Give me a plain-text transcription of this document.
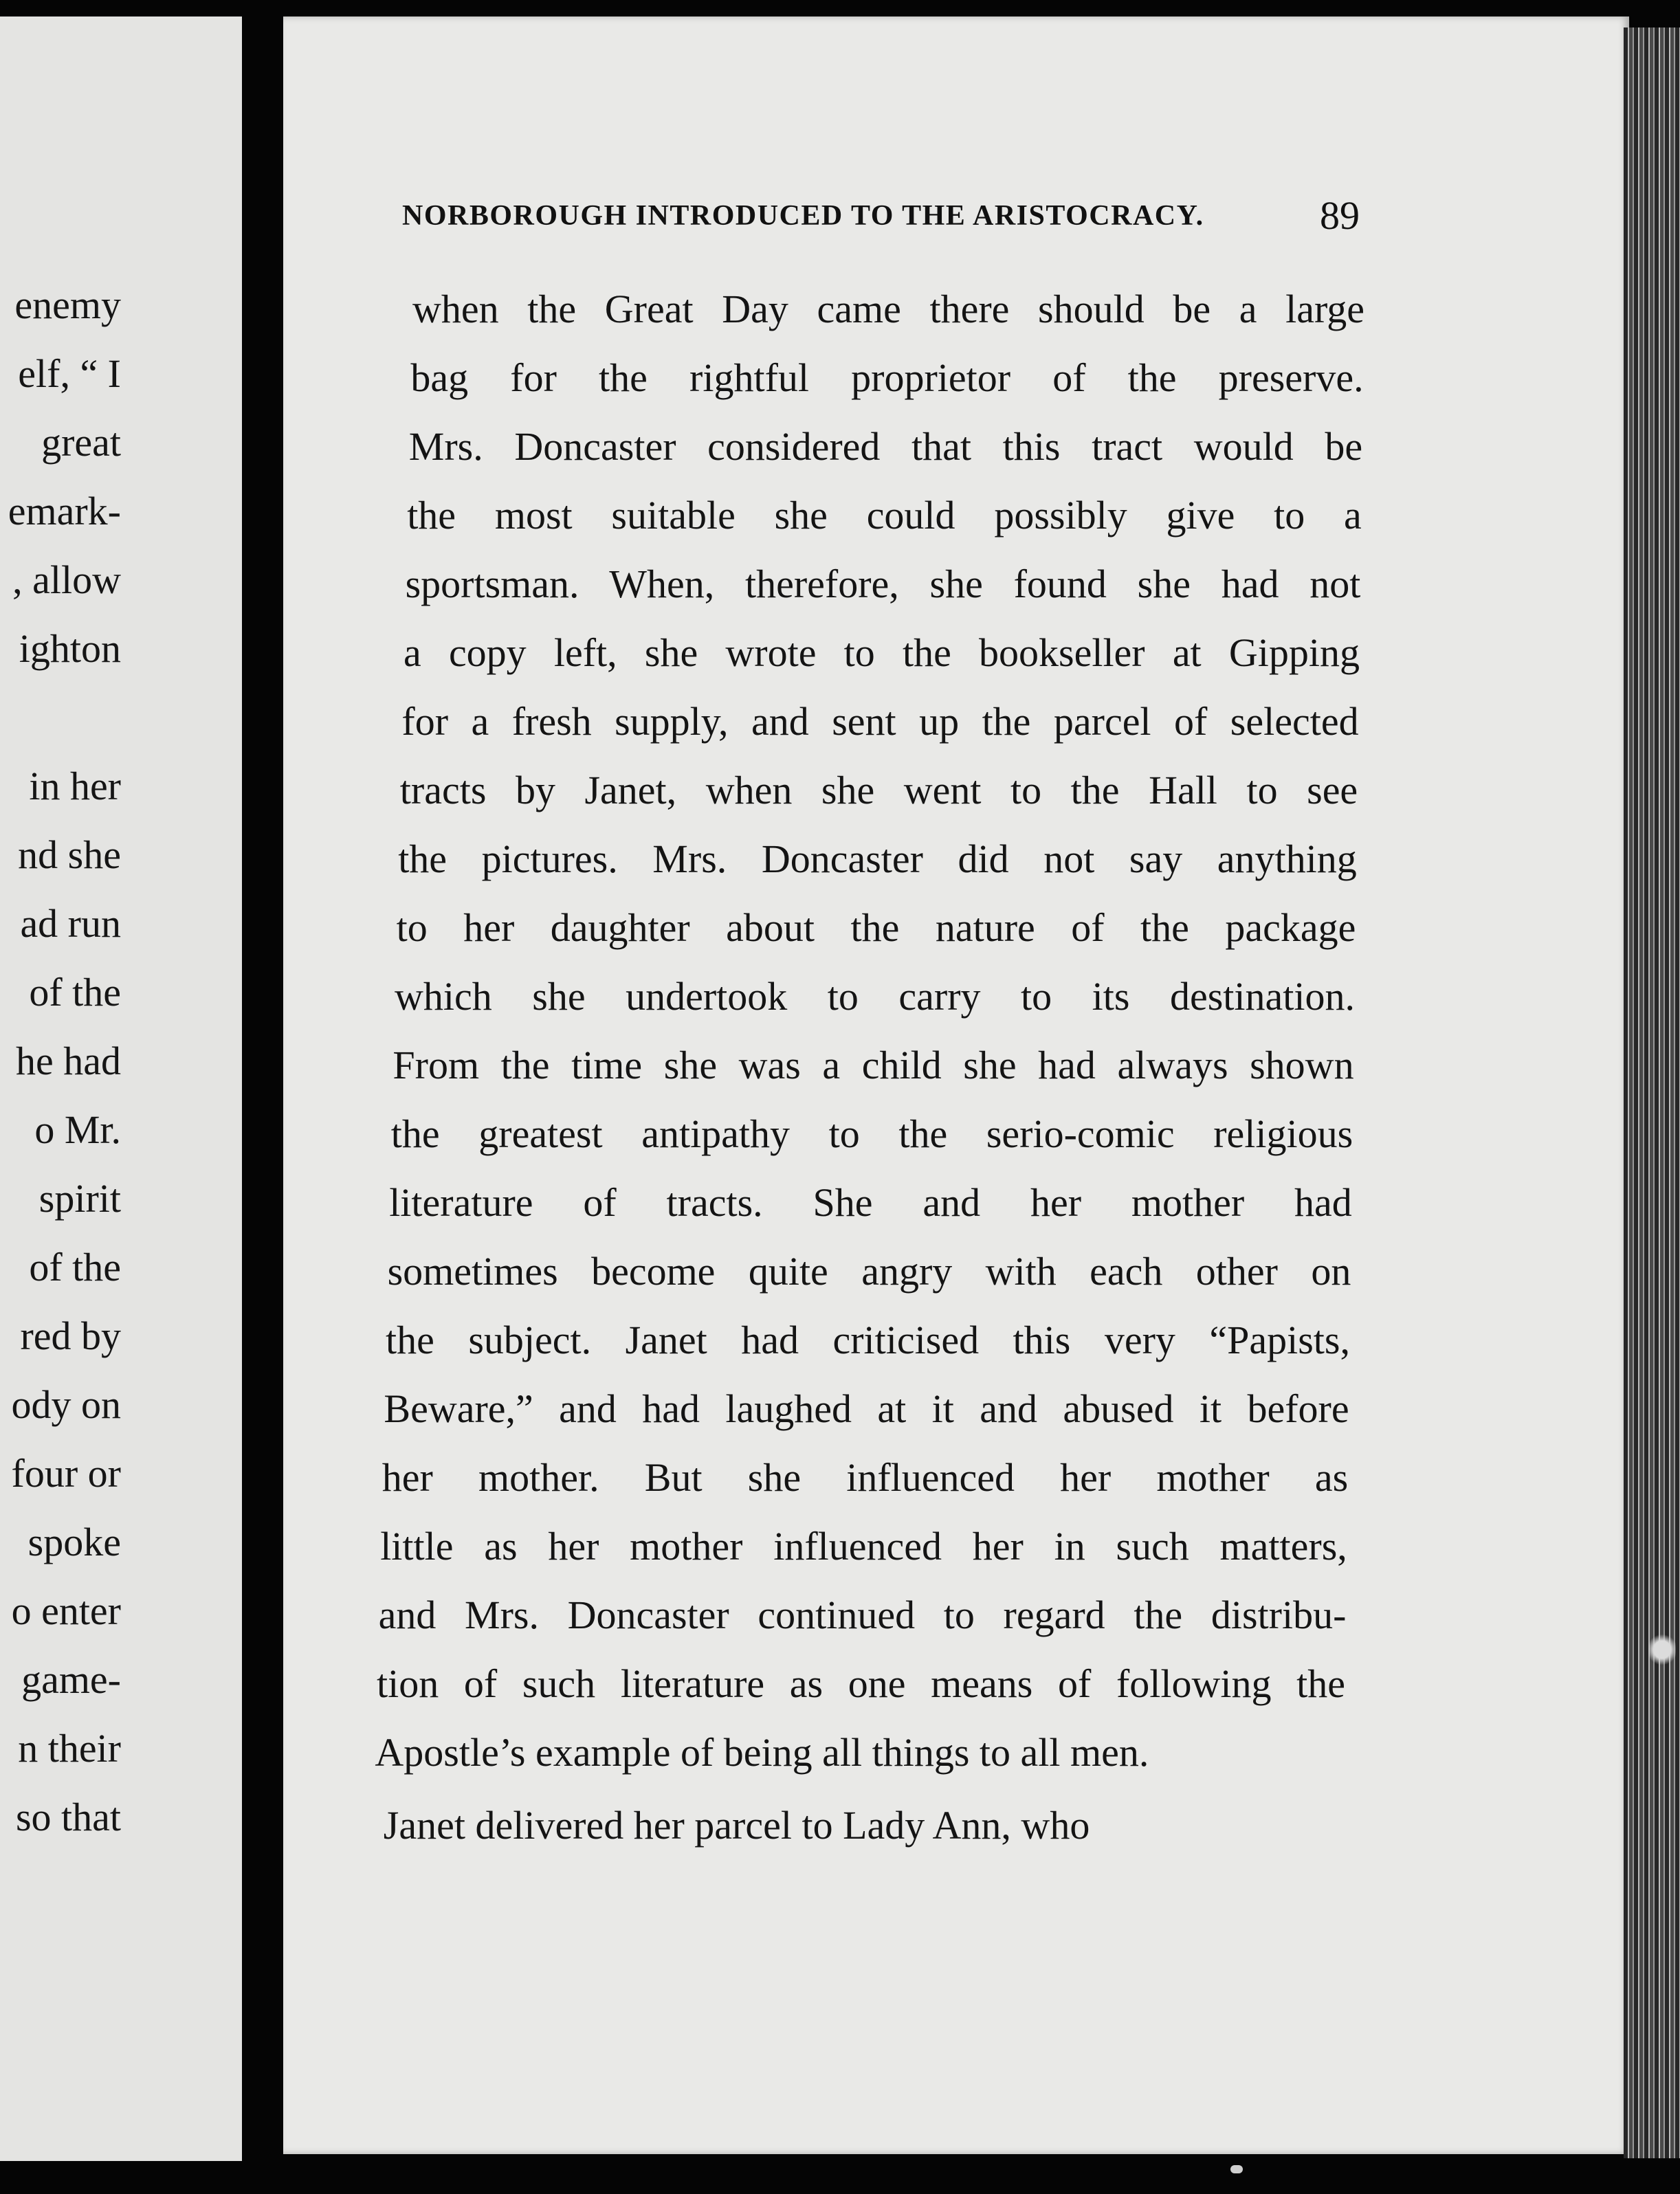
enemy
elf, “ I
great
emark-
, allow
ighton
in her
nd she
ad run
of the
he had
o Mr.
spirit
of the
red by
ody on
four or
spoke
o enter
game-
n their
so that
NORBOROUGH INTRODUCED TO THE ARISTOCRACY.	89
when the Great Day came there should be a large
bag for the rightful proprietor of the preserve.
Mrs. Doncaster considered that this tract would be
the most suitable she could possibly give to a
sportsman. When, therefore, she found she had not
a copy left, she wrote to the bookseller at Gipping
for a fresh supply, and sent up the parcel of selected
tracts by Janet, when she went to the Hall to see
the pictures. Mrs. Doncaster did not say anything
to her daughter about the nature of the package
which she undertook to carry to its destination.
From the time she was a child she had always shown
the greatest antipathy to the serio-comic religious
literature of tracts. She and her mother had
sometimes become quite angry with each other on
the subject. Janet had criticised this very “Papists,
Beware,” and had laughed at it and abused it before
her mother. But she influenced her mother as
little as her mother influenced her in such matters,
and Mrs. Doncaster continued to regard the distribu-
tion of such literature as one means of following the
Apostle’s example of being all things to all men.
Janet delivered her parcel to Lady Ann, who
